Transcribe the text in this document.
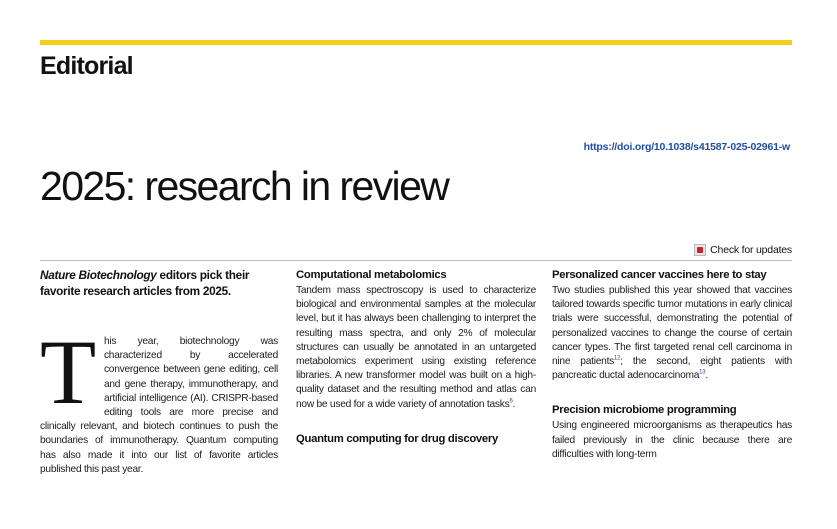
Editorial
https://doi.org/10.1038/s41587-025-02961-w
2025: research in review
Check for updates
Nature Biotechnology editors pick their favorite research articles from 2025.

This year, biotechnology was characterized by accelerated convergence between gene editing, cell and gene therapy, immunotherapy, and artificial intelligence (AI). CRISPR-based editing tools are more precise and clinically relevant, and biotech continues to push the boundaries of immunotherapy. Quantum computing has also made it into our list of favorite articles published this past year.

Computational metabolomics

Tandem mass spectroscopy is used to characterize biological and environmental samples at the molecular level, but it has always been challenging to interpret the resulting mass spectra, and only 2% of molecular structures can usually be annotated in an untargeted metabolomics experiment using existing reference libraries. A new transformer model was built on a high-quality dataset and the resulting method and atlas can now be used for a wide variety of annotation tasks$^6$.

Quantum computing for drug discovery
Personalized cancer vaccines here to stay

Two studies published this year showed that vaccines tailored towards specific tumor mutations in early clinical trials were successful, demonstrating the potential of personalized vaccines to change the course of certain cancer types. The first targeted renal cell carcinoma in nine patients$^{12}$; the second, eight patients with pancreatic ductal adenocarcinoma$^{13}$.

Precision microbiome programming

Using engineered microorganisms as therapeutics has failed previously in the clinic because there are difficulties with long-term
